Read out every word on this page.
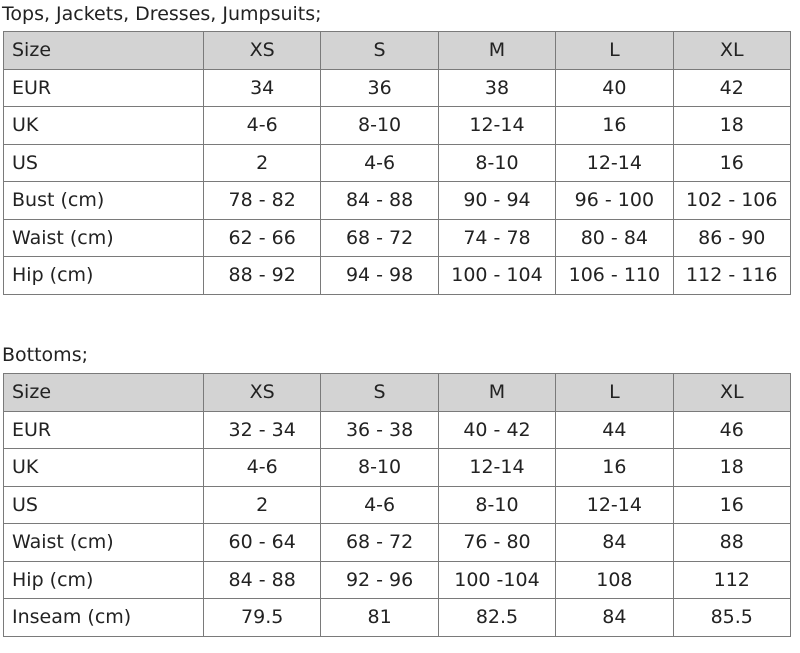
Tops, Jackets, Dresses, Jumpsuits;
Size	XS	S	M	L	XL
EUR	34	36	38	40	42
UK	4-6	8-10	12-14	16	18
US	2	4-6	8-10	12-14	16
Bust (cm)	78 - 82	84 - 88	90 - 94	96 - 100	102 - 106
Waist (cm)	62 - 66	68 - 72	74 - 78	80 - 84	86 - 90
Hip (cm)	88 - 92	94 - 98	100 - 104	106 - 110	112 - 116
Bottoms;
Size	XS	S	M	L	XL
EUR	32 - 34	36 - 38	40 - 42	44	46
UK	4-6	8-10	12-14	16	18
US	2	4-6	8-10	12-14	16
Waist (cm)	60 - 64	68 - 72	76 - 80	84	88
Hip (cm)	84 - 88	92 - 96	100 -104	108	112
Inseam (cm)	79.5	81	82.5	84	85.5
